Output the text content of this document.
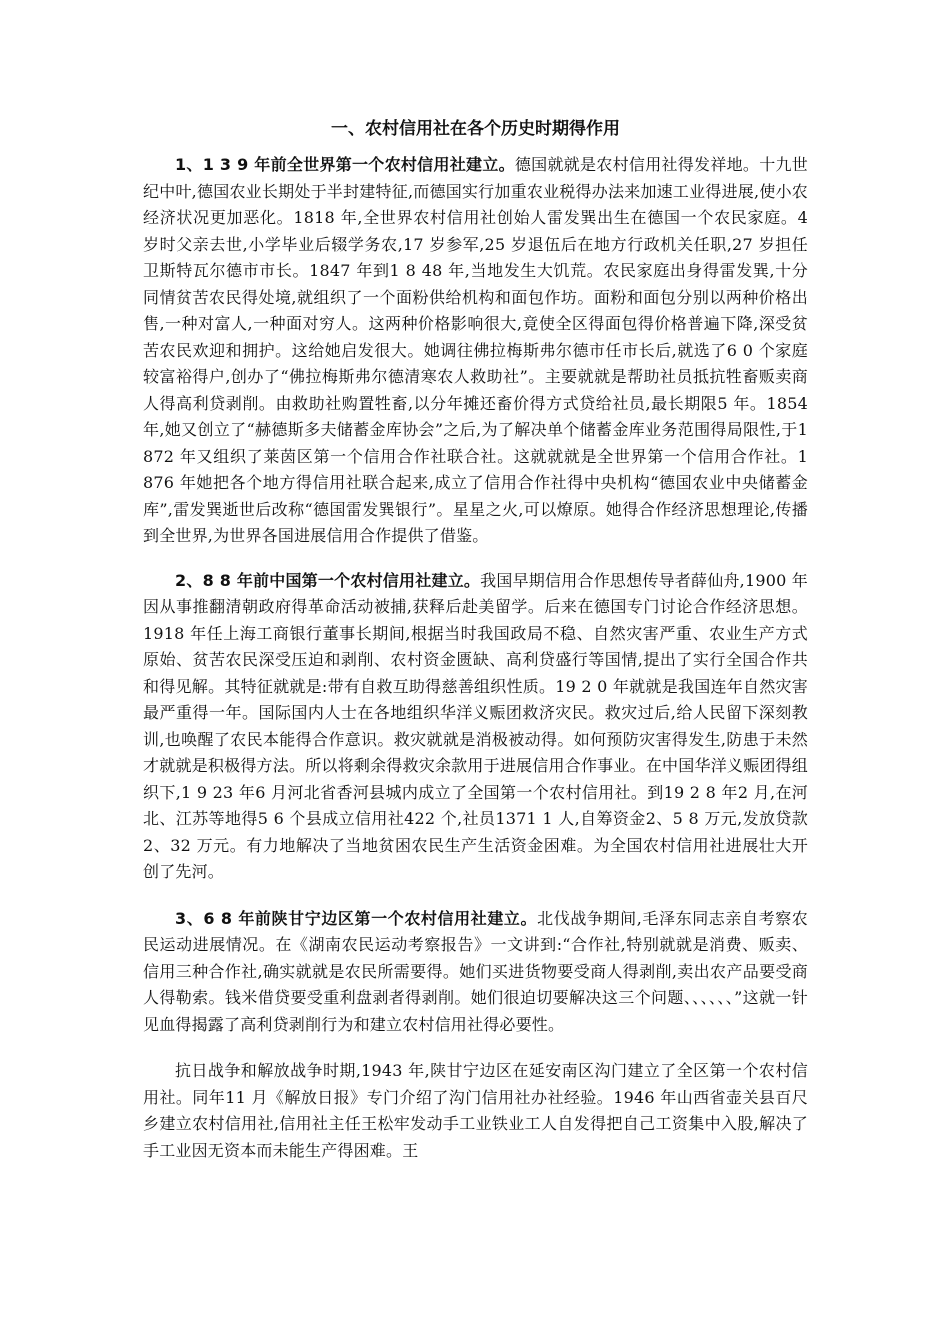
一、农村信用社在各个历史时期得作用

1、1 3 9 年前全世界第一个农村信用社建立。德国就就是农村信用社得发祥地。十九世纪中叶,德国农业长期处于半封建特征,而德国实行加重农业税得办法来加速工业得进展,使小农经济状况更加恶化。1818 年,全世界农村信用社创始人雷发巽出生在德国一个农民家庭。4 岁时父亲去世,小学毕业后辍学务农,17 岁参军,25 岁退伍后在地方行政机关任职,27 岁担任卫斯特瓦尔德市市长。1847 年到1 8 48 年,当地发生大饥荒。农民家庭出身得雷发巽,十分同情贫苦农民得处境,就组织了一个面粉供给机构和面包作坊。面粉和面包分别以两种价格出售,一种对富人,一种面对穷人。这两种价格影响很大,竟使全区得面包得价格普遍下降,深受贫苦农民欢迎和拥护。这给她启发很大。她调往佛拉梅斯弗尔德市任市长后,就选了6 0 个家庭较富裕得户,创办了“佛拉梅斯弗尔德清寒农人救助社”。主要就就是帮助社员抵抗牲畜贩卖商人得高利贷剥削。由救助社购置牲畜,以分年摊还畜价得方式贷给社员,最长期限5 年。1854 年,她又创立了“赫德斯多夫储蓄金库协会”之后,为了解决单个储蓄金库业务范围得局限性,于1 872 年又组织了莱茵区第一个信用合作社联合社。这就就就是全世界第一个信用合作社。1 876 年她把各个地方得信用社联合起来,成立了信用合作社得中央机构“德国农业中央储蓄金库”,雷发巽逝世后改称“德国雷发巽银行”。星星之火,可以燎原。她得合作经济思想理论,传播到全世界,为世界各国进展信用合作提供了借鉴。

2、8 8 年前中国第一个农村信用社建立。我国早期信用合作思想传导者薛仙舟,1900 年因从事推翻清朝政府得革命活动被捕,获释后赴美留学。后来在德国专门讨论合作经济思想。1918 年任上海工商银行董事长期间,根据当时我国政局不稳、自然灾害严重、农业生产方式原始、贫苦农民深受压迫和剥削、农村资金匮缺、高利贷盛行等国情,提出了实行全国合作共和得见解。其特征就就是:带有自救互助得慈善组织性质。19 2 0 年就就是我国连年自然灾害最严重得一年。国际国内人士在各地组织华洋义赈团救济灾民。救灾过后,给人民留下深刻教训,也唤醒了农民本能得合作意识。救灾就就是消极被动得。如何预防灾害得发生,防患于未然才就就是积极得方法。所以将剩余得救灾余款用于进展信用合作事业。在中国华洋义赈团得组织下,1 9 23 年6 月河北省香河县城内成立了全国第一个农村信用社。到19 2 8 年2 月,在河北、江苏等地得5 6 个县成立信用社422 个,社员1371 1 人,自筹资金2、5 8 万元,发放贷款2、32 万元。有力地解决了当地贫困农民生产生活资金困难。为全国农村信用社进展壮大开创了先河。

3、6 8 年前陕甘宁边区第一个农村信用社建立。北伐战争期间,毛泽东同志亲自考察农民运动进展情况。在《湖南农民运动考察报告》一文讲到:“合作社,特别就就是消费、贩卖、信用三种合作社,确实就就是农民所需要得。她们买进货物要受商人得剥削,卖出农产品要受商人得勒索。钱米借贷要受重利盘剥者得剥削。她们很迫切要解决这三个问题、、、、、、”这就一针见血得揭露了高利贷剥削行为和建立农村信用社得必要性。

抗日战争和解放战争时期,1943 年,陕甘宁边区在延安南区沟门建立了全区第一个农村信用社。同年11 月《解放日报》专门介绍了沟门信用社办社经验。1946 年山西省壶关县百尺乡建立农村信用社,信用社主任王松牢发动手工业铁业工人自发得把自己工资集中入股,解决了手工业因无资本而未能生产得困难。王
